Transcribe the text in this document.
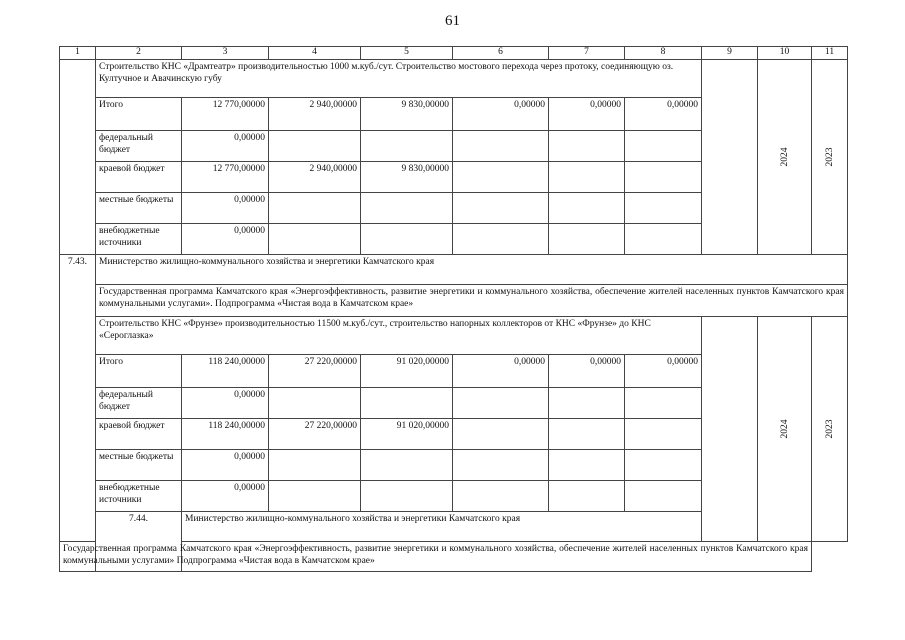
61
1	2	3	4	5	6	7	8	9	10	11
	Строительство КНС «Драмтеатр» производительностью 1000 м.куб./сут. Строительство мостового перехода через протоку, соединяющую оз. Култучное и Авачинскую губу								2024	2023

	Итого	12 770,00000	2 940,00000	9 830,00000	0,00000	0,00000	0,00000			
	федеральный бюджет	0,00000								
	краевой бюджет	12 770,00000	2 940,00000	9 830,00000						
	местные бюджеты	0,00000								
	внебюджетные источники	0,00000								
7.43.	Министерство жилищно-коммунального хозяйства и энергетики Камчатского края									
	Государственная программа Камчатского края «Энергоэффективность, развитие энергетики и коммунального хозяйства, обеспечение жителей населенных пунктов Камчатского края коммунальными услугами». Подпрограмма «Чистая вода в Камчатском крае»									
	Строительство КНС «Фрунзе» производительностью 11500 м.куб./сут., строительство напорных коллекторов от КНС «Фрунзе» до КНС «Сероглазка»								2024	2023

	Итого	118 240,00000	27 220,00000	91 020,00000	0,00000	0,00000	0,00000			
	федеральный бюджет	0,00000								
	краевой бюджет	118 240,00000	27 220,00000	91 020,00000						
	местные бюджеты	0,00000								
	внебюджетные источники	0,00000								
	7.44.	Министерство жилищно-коммунального хозяйства и энергетики Камчатского края								
Государственная программа Камчатского края «Энергоэффективность, развитие энергетики и коммунального хозяйства, обеспечение жителей населенных пунктов Камчатского края коммунальными услугами» Подпрограмма «Чистая вода в Камчатском крае»										
